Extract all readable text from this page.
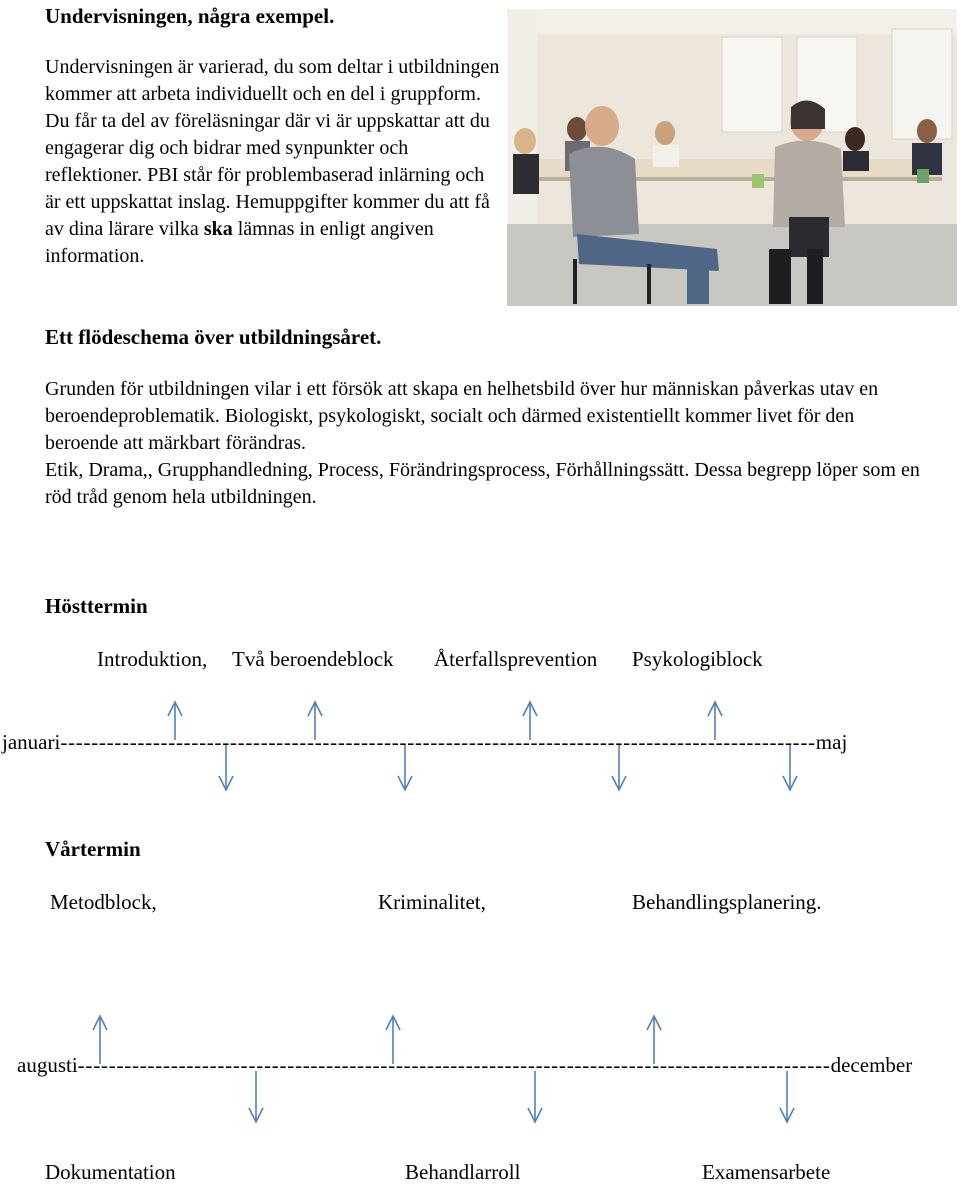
Undervisningen, några exempel.
Undervisningen är varierad, du som deltar i utbildningen kommer att arbeta individuellt och en del i gruppform. Du får ta del av föreläsningar där vi är uppskattar att du engagerar dig och bidrar med synpunkter och reflektioner. PBI står för problembaserad inlärning och är ett uppskattat inslag. Hemuppgifter kommer du att få av dina lärare vilka ska lämnas in enligt angiven information.
Ett flödeschema över utbildningsåret.
Grunden för utbildningen vilar i ett försök att skapa en helhetsbild över hur människan påverkas utav en beroendeproblematik. Biologiskt, psykologiskt, socialt och därmed existentiellt kommer livet för den beroende att märkbart förändras.
Etik, Drama,, Grupphandledning, Process, Förändringsprocess, Förhållningssätt. Dessa begrepp löper som en röd tråd genom hela utbildningen.
Hösttermin
Introduktion, Två beroendeblock Återfallsprevention Psykologiblock
januari--------------------------------------------------------------------------------------------------maj
Vårtermin
Metodblock,	Kriminalitet,	Behandlingsplanering.
augusti-------------------------------------------------------------------------------------------------december
Dokumentation	Behandlarroll	Examensarbete
